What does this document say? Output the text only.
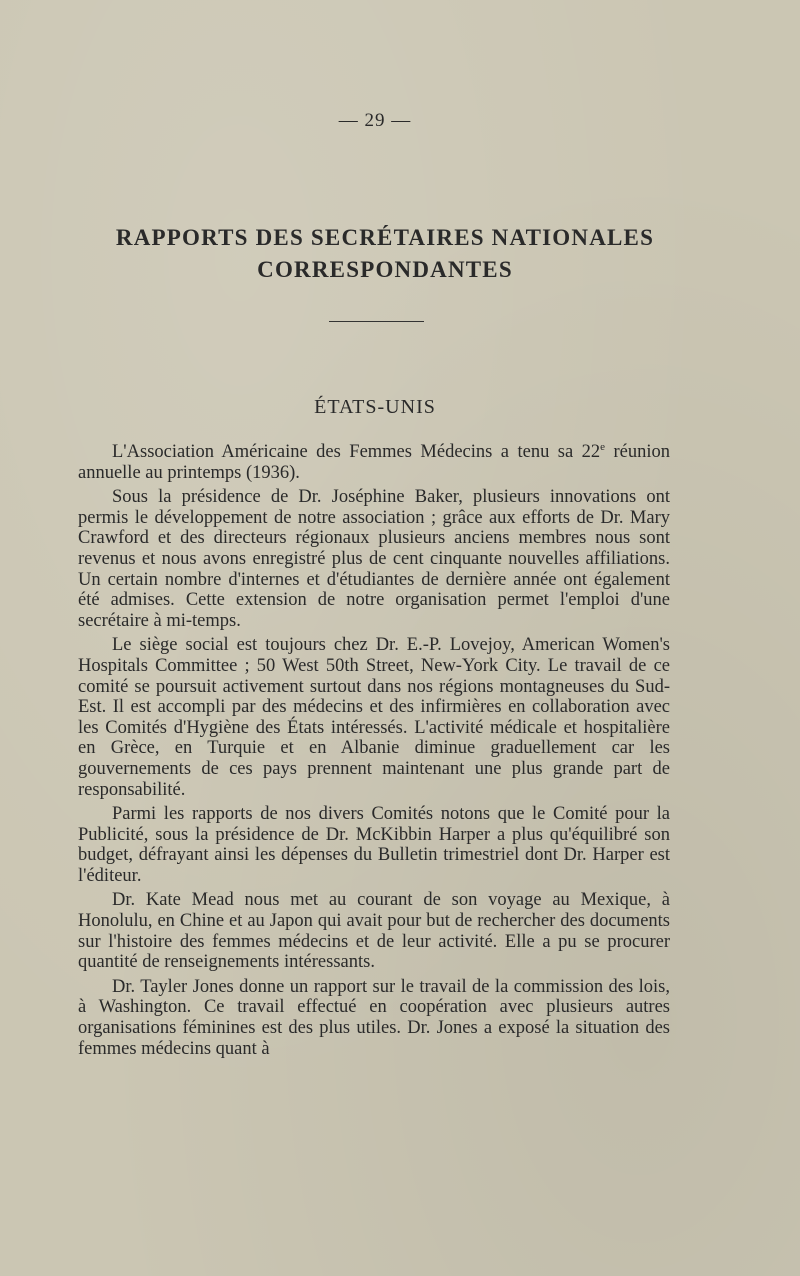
— 29 —
RAPPORTS DES SECRÉTAIRES NATIONALES
CORRESPONDANTES
ÉTATS-UNIS

L'Association Américaine des Femmes Médecins a tenu sa 22e réunion annuelle au printemps (1936).

Sous la présidence de Dr. Joséphine Baker, plusieurs innovations ont permis le développement de notre association ; grâce aux efforts de Dr. Mary Crawford et des directeurs régionaux plusieurs anciens membres nous sont revenus et nous avons enregistré plus de cent cinquante nouvelles affiliations. Un certain nombre d'internes et d'étudiantes de dernière année ont également été admises. Cette extension de notre organisation permet l'emploi d'une secrétaire à mi-temps.

Le siège social est toujours chez Dr. E.-P. Lovejoy, American Women's Hospitals Committee ; 50 West 50th Street, New-York City. Le travail de ce comité se poursuit activement surtout dans nos régions montagneuses du Sud-Est. Il est accompli par des médecins et des infirmières en collaboration avec les Comités d'Hygiène des États intéressés. L'activité médicale et hospitalière en Grèce, en Turquie et en Albanie diminue graduellement car les gouvernements de ces pays prennent maintenant une plus grande part de responsabilité.

Parmi les rapports de nos divers Comités notons que le Comité pour la Publicité, sous la présidence de Dr. McKibbin Harper a plus qu'équilibré son budget, défrayant ainsi les dépenses du Bulletin trimestriel dont Dr. Harper est l'éditeur.

Dr. Kate Mead nous met au courant de son voyage au Mexique, à Honolulu, en Chine et au Japon qui avait pour but de rechercher des documents sur l'histoire des femmes médecins et de leur activité. Elle a pu se procurer quantité de renseignements intéressants.

Dr. Tayler Jones donne un rapport sur le travail de la commission des lois, à Washington. Ce travail effectué en coopération avec plusieurs autres organisations féminines est des plus utiles. Dr. Jones a exposé la situation des femmes médecins quant à
